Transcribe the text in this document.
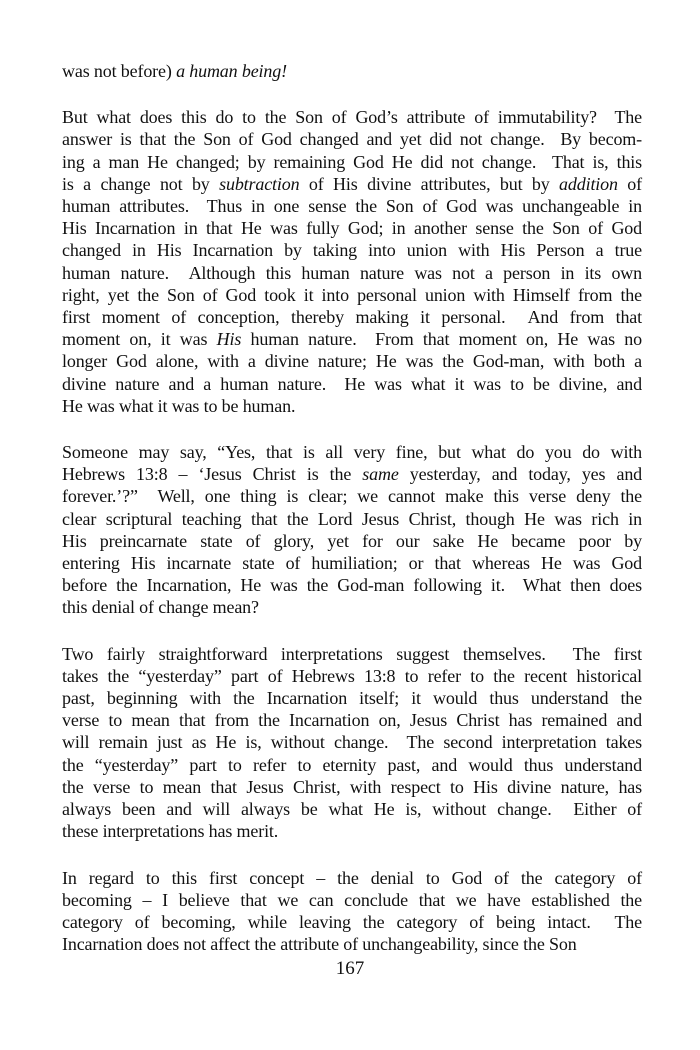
was not before) a human being!
But what does this do to the Son of God’s attribute of immutability?  The
answer is that the Son of God changed and yet did not change.  By becom-
ing a man He changed; by remaining God He did not change.  That is, this
is a change not by subtraction of His divine attributes, but by addition of
human attributes.  Thus in one sense the Son of God was unchangeable in
His Incarnation in that He was fully God; in another sense the Son of God
changed in His Incarnation by taking into union with His Person a true
human nature.  Although this human nature was not a person in its own
right, yet the Son of God took it into personal union with Himself from the
first moment of conception, thereby making it personal.  And from that
moment on, it was His human nature.  From that moment on, He was no
longer God alone, with a divine nature; He was the God-man, with both a
divine nature and a human nature.  He was what it was to be divine, and
He was what it was to be human.
Someone may say, “Yes, that is all very fine, but what do you do with
Hebrews 13:8 – ‘Jesus Christ is the same yesterday, and today, yes and
forever.’?”  Well, one thing is clear; we cannot make this verse deny the
clear scriptural teaching that the Lord Jesus Christ, though He was rich in
His preincarnate state of glory, yet for our sake He became poor by
entering His incarnate state of humiliation; or that whereas He was God
before the Incarnation, He was the God-man following it.  What then does
this denial of change mean?
Two fairly straightforward interpretations suggest themselves.  The first
takes the “yesterday” part of Hebrews 13:8 to refer to the recent historical
past, beginning with the Incarnation itself; it would thus understand the
verse to mean that from the Incarnation on, Jesus Christ has remained and
will remain just as He is, without change.  The second interpretation takes
the “yesterday” part to refer to eternity past, and would thus understand
the verse to mean that Jesus Christ, with respect to His divine nature, has
always been and will always be what He is, without change.  Either of
these interpretations has merit.
In regard to this first concept – the denial to God of the category of
becoming – I believe that we can conclude that we have established the
category of becoming, while leaving the category of being intact.  The
Incarnation does not affect the attribute of unchangeability, since the Son
167
